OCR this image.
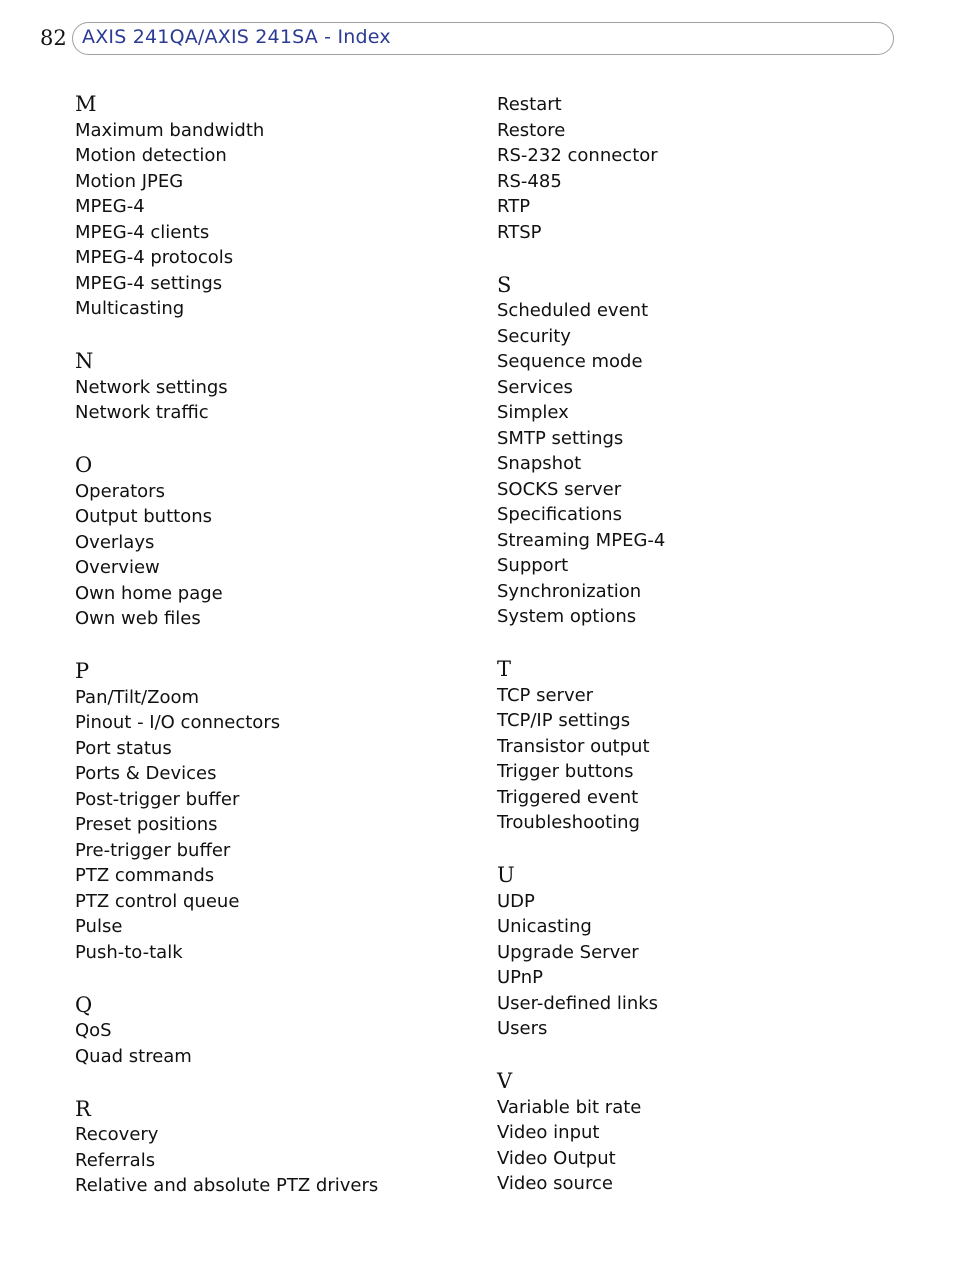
82 AXIS 241QA/AXIS 241SA - Index
M
Maximum bandwidth
Motion detection
Motion JPEG
MPEG-4
MPEG-4 clients
MPEG-4 protocols
MPEG-4 settings
Multicasting
N
Network settings
Network traffic
O
Operators
Output buttons
Overlays
Overview
Own home page
Own web files
P
Pan/Tilt/Zoom
Pinout - I/O connectors
Port status
Ports & Devices
Post-trigger buffer
Preset positions
Pre-trigger buffer
PTZ commands
PTZ control queue
Pulse
Push-to-talk
Q
QoS
Quad stream
R
Recovery
Referrals
Relative and absolute PTZ drivers
Restart
Restore
RS-232 connector
RS-485
RTP
RTSP
S
Scheduled event
Security
Sequence mode
Services
Simplex
SMTP settings
Snapshot
SOCKS server
Specifications
Streaming MPEG-4
Support
Synchronization
System options
T
TCP server
TCP/IP settings
Transistor output
Trigger buttons
Triggered event
Troubleshooting
U
UDP
Unicasting
Upgrade Server
UPnP
User-defined links
Users
V
Variable bit rate
Video input
Video Output
Video source
